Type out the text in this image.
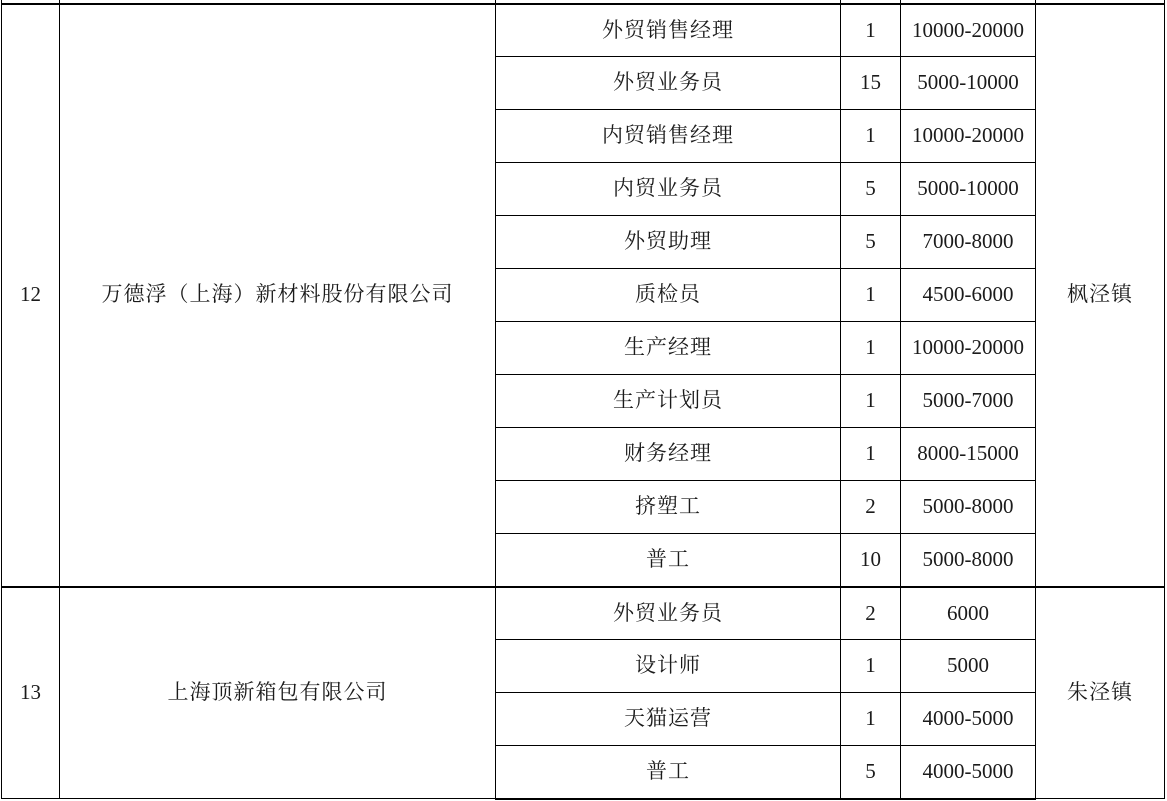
12	万德浮（上海）新材料股份有限公司	外贸销售经理	1	10000-20000	枫泾镇
		外贸业务员	15	5000-10000	
		内贸销售经理	1	10000-20000	
		内贸业务员	5	5000-10000	
		外贸助理	5	7000-8000	
		质检员	1	4500-6000	
		生产经理	1	10000-20000	
		生产计划员	1	5000-7000	
		财务经理	1	8000-15000	
		挤塑工	2	5000-8000	
		普工	10	5000-8000	
13	上海顶新箱包有限公司	外贸业务员	2	6000	朱泾镇
		设计师	1	5000	
		天猫运营	1	4000-5000	
		普工	5	4000-5000	
